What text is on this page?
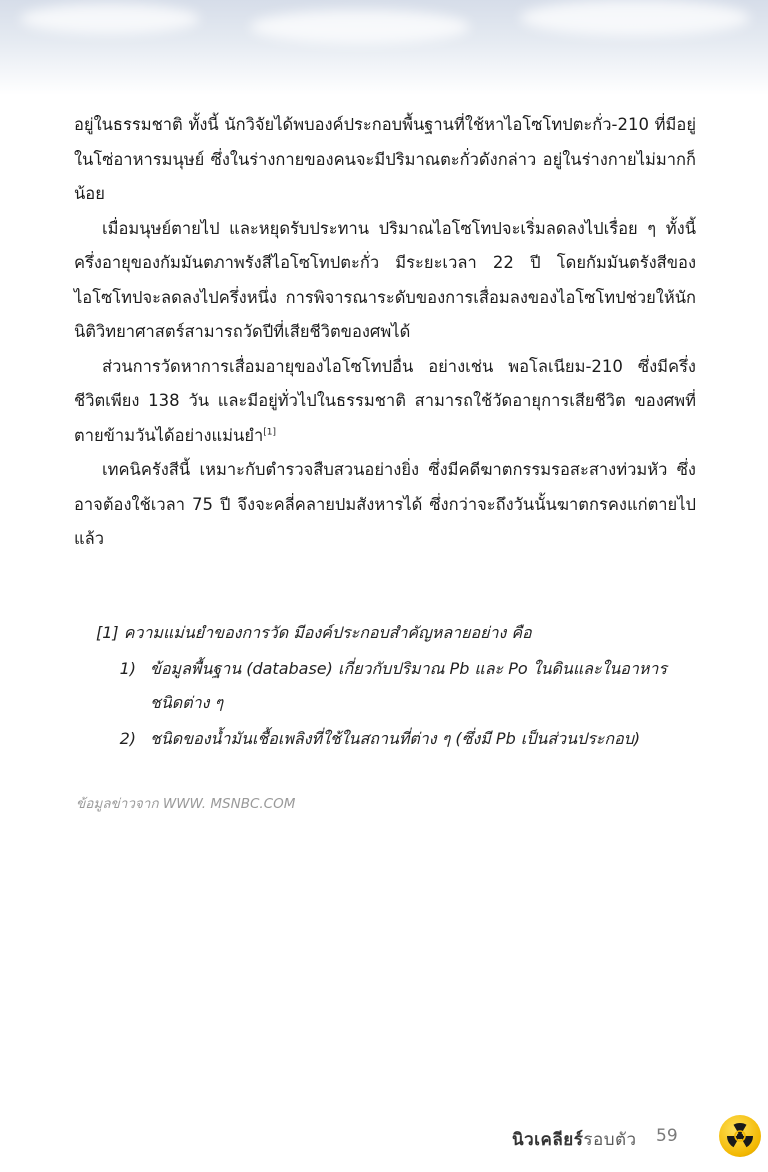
อยู่ในธรรมชาติ ทั้งนี้ นักวิจัยได้พบองค์ประกอบพื้นฐานที่ใช้หาไอโซโทปตะกั่ว-210 ที่มีอยู่ในโซ่อาหารมนุษย์ ซึ่งในร่างกายของคนจะมีปริมาณตะกั่วดังกล่าว อยู่ในร่างกายไม่มากก็น้อย

เมื่อมนุษย์ตายไป และหยุดรับประทาน ปริมาณไอโซโทปจะเริ่มลดลงไปเรื่อย ๆ ทั้งนี้ ครึ่งอายุของกัมมันตภาพรังสีไอโซโทปตะกั่ว มีระยะเวลา 22 ปี โดยกัมมันตรังสีของไอโซโทปจะลดลงไปครึ่งหนึ่ง การพิจารณาระดับของการเสื่อมลงของไอโซโทปช่วยให้นักนิติวิทยาศาสตร์สามารถวัดปีที่เสียชีวิตของศพได้

ส่วนการวัดหาการเสื่อมอายุของไอโซโทปอื่น อย่างเช่น พอโลเนียม-210 ซึ่งมีครึ่งชีวิตเพียง 138 วัน และมีอยู่ทั่วไปในธรรมชาติ สามารถใช้วัดอายุการเสียชีวิต ของศพที่ตายข้ามวันได้อย่างแม่นยำ[1]

เทคนิครังสีนี้ เหมาะกับตำรวจสืบสวนอย่างยิ่ง ซึ่งมีคดีฆาตกรรมรอสะสางท่วมหัว ซึ่งอาจต้องใช้เวลา 75 ปี จึงจะคลี่คลายปมสังหารได้ ซึ่งกว่าจะถึงวันนั้นฆาตกรคงแก่ตายไปแล้ว

[1] ความแม่นยำของการวัด มีองค์ประกอบสำคัญหลายอย่าง คือ

1) ข้อมูลพื้นฐาน (database) เกี่ยวกับปริมาณ Pb และ Po ในดินและในอาหารชนิดต่าง ๆ
2) ชนิดของน้ำมันเชื้อเพลิงที่ใช้ในสถานที่ต่าง ๆ (ซึ่งมี Pb เป็นส่วนประกอบ)
ข้อมูลข่าวจาก WWW. MSNBC.COM
นิวเคลียร์รอบตัว 59
